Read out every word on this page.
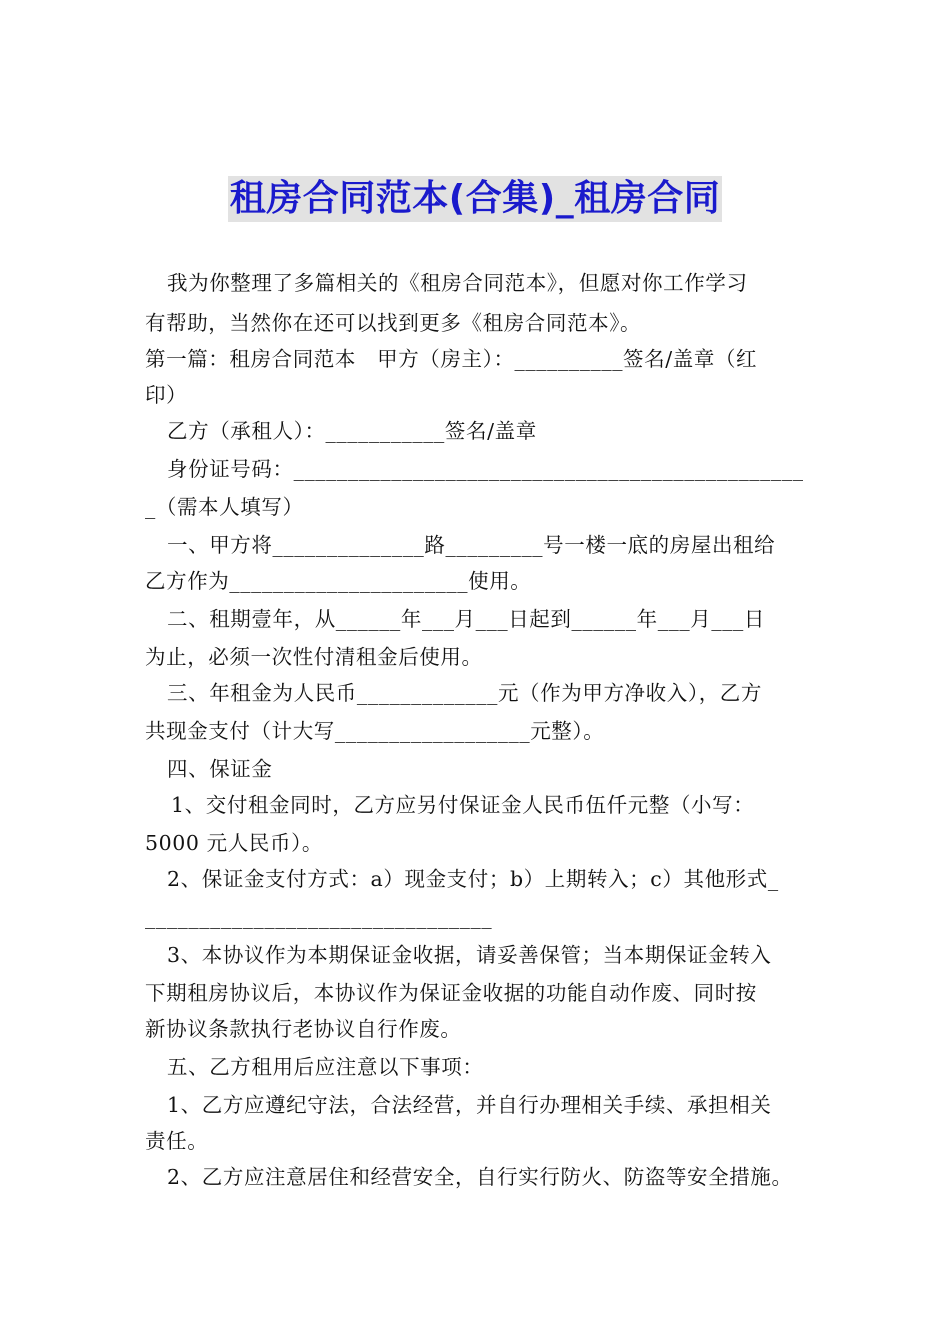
租房合同范本(合集)_租房合同
我为你整理了多篇相关的《租房合同范本》，但愿对你工作学习
有帮助，当然你在还可以找到更多《租房合同范本》。
第一篇：租房合同范本　甲方（房主）：__________签名/盖章（红
印）
乙方（承租人）：___________签名/盖章
身份证号码：_______________________________________________
_（需本人填写）
一、甲方将______________路_________号一楼一底的房屋出租给
乙方作为______________________使用。
二、租期壹年，从______年___月___日起到______年___月___日
为止，必须一次性付清租金后使用。
三、年租金为人民币_____________元（作为甲方净收入），乙方
共现金支付（计大写__________________元整）。
四、保证金
1、交付租金同时，乙方应另付保证金人民币伍仟元整（小写：
5000 元人民币）。
2、保证金支付方式：a）现金支付；b）上期转入；c）其他形式_
________________________________
3、本协议作为本期保证金收据，请妥善保管；当本期保证金转入
下期租房协议后，本协议作为保证金收据的功能自动作废、同时按
新协议条款执行老协议自行作废。
五、乙方租用后应注意以下事项：
1、乙方应遵纪守法，合法经营，并自行办理相关手续、承担相关
责任。
2、乙方应注意居住和经营安全，自行实行防火、防盗等安全措施。
